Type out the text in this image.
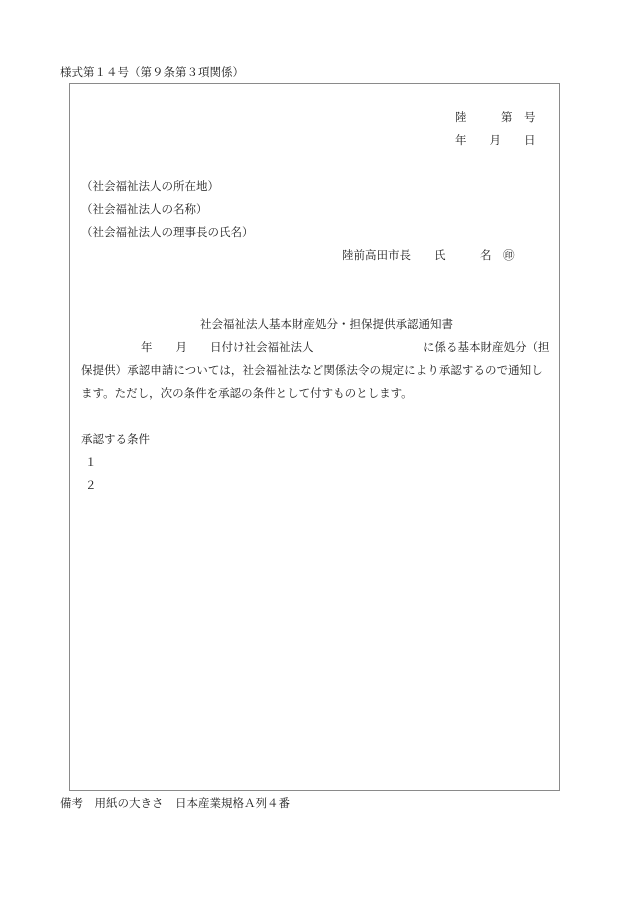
様式第１４号（第９条第３項関係）
陸　　　第　号
年　　月　　日
（社会福祉法人の所在地）
（社会福祉法人の名称）
（社会福祉法人の理事長の氏名）
陸前高田市長　　氏　　　名　㊞
社会福祉法人基本財産処分・担保提供承認通知書
年　　月　　日付け社会福祉法人	に係る基本財産処分（担
保提供）承認申請については，社会福祉法など関係法令の規定により承認するので通知し
ます。ただし，次の条件を承認の条件として付すものとします。
承認する条件
１
２
備考　用紙の大きさ　日本産業規格Ａ列４番
